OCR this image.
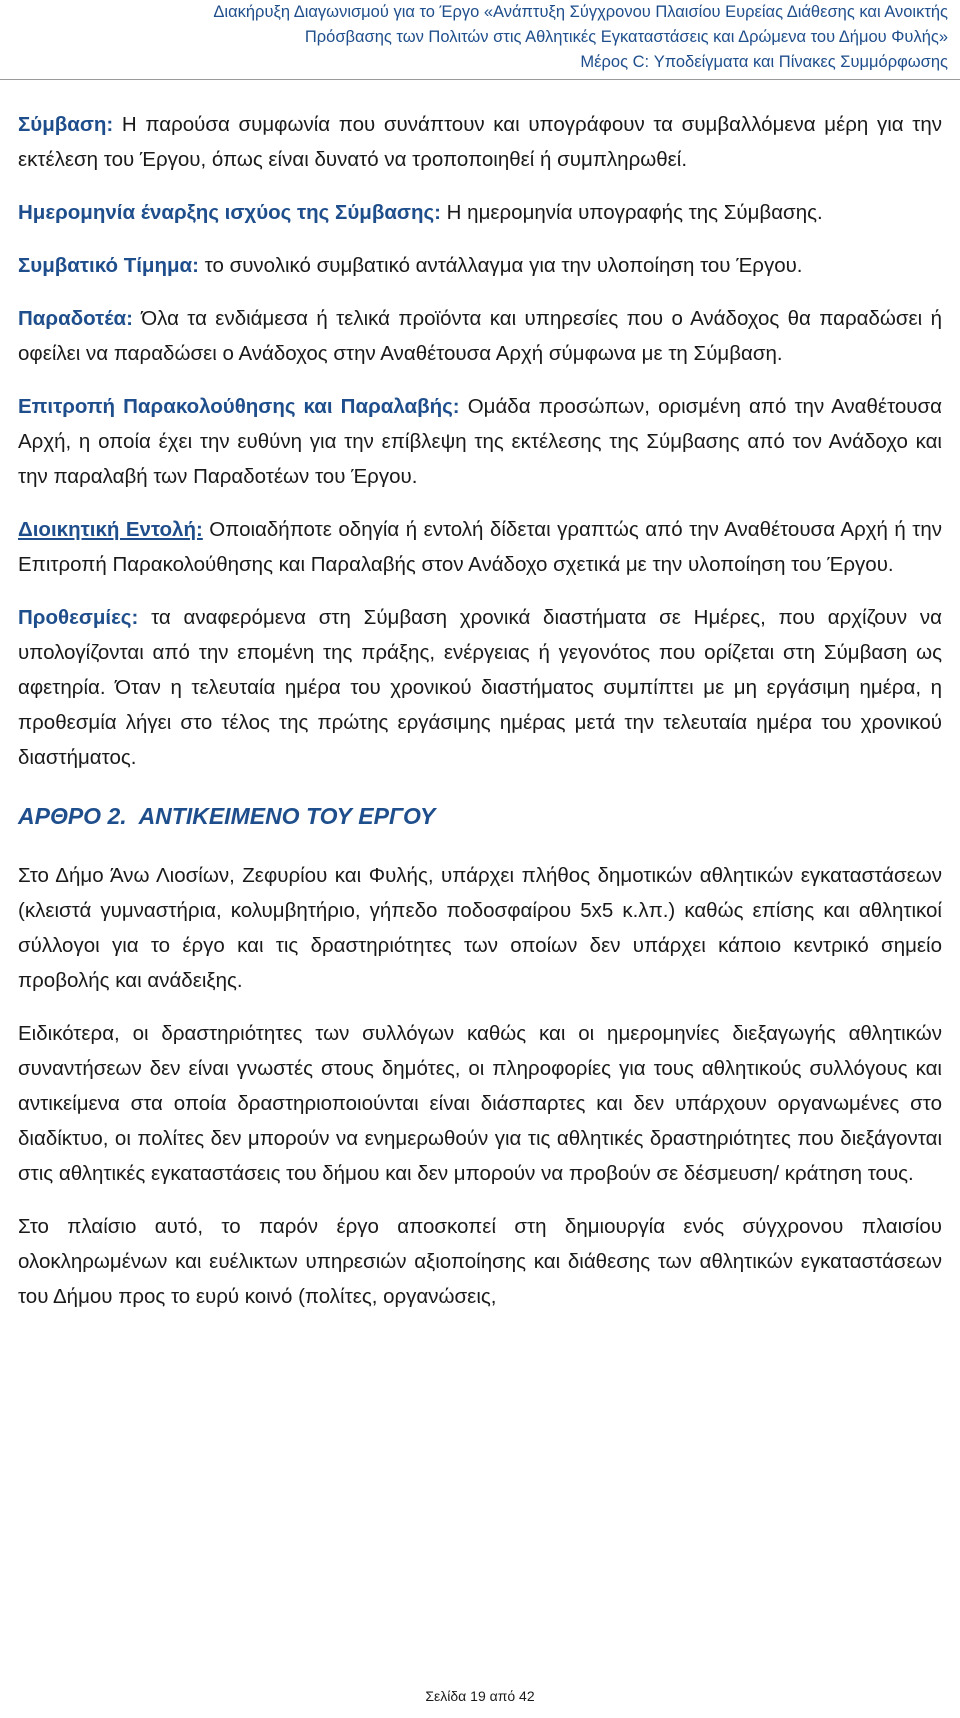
Διακήρυξη Διαγωνισμού για το Έργο «Ανάπτυξη Σύγχρονου Πλαισίου Ευρείας Διάθεσης και Ανοικτής
Πρόσβασης των Πολιτών στις Αθλητικές Εγκαταστάσεις και Δρώμενα του Δήμου Φυλής»
Μέρος C: Υποδείγματα και Πίνακες Συμμόρφωσης

Σύμβαση: Η παρούσα συμφωνία που συνάπτουν και υπογράφουν τα συμβαλλόμενα μέρη για την εκτέλεση του Έργου, όπως είναι δυνατό να τροποποιηθεί ή συμπληρωθεί.

Ημερομηνία έναρξης ισχύος της Σύμβασης: Η ημερομηνία υπογραφής της Σύμβασης.

Συμβατικό Τίμημα: το συνολικό συμβατικό αντάλλαγμα για την υλοποίηση του Έργου.

Παραδοτέα: Όλα τα ενδιάμεσα ή τελικά προϊόντα και υπηρεσίες που ο Ανάδοχος θα παραδώσει ή οφείλει να παραδώσει ο Ανάδοχος στην Αναθέτουσα Αρχή σύμφωνα με τη Σύμβαση.

Επιτροπή Παρακολούθησης και Παραλαβής: Ομάδα προσώπων, ορισμένη από την Αναθέτουσα Αρχή, η οποία έχει την ευθύνη για την επίβλεψη της εκτέλεσης της Σύμβασης από τον Ανάδοχο και την παραλαβή των Παραδοτέων του Έργου.

Διοικητική Εντολή: Οποιαδήποτε οδηγία ή εντολή δίδεται γραπτώς από την Αναθέτουσα Αρχή ή την Επιτροπή Παρακολούθησης και Παραλαβής στον Ανάδοχο σχετικά με την υλοποίηση του Έργου.

Προθεσμίες: τα αναφερόμενα στη Σύμβαση χρονικά διαστήματα σε Ημέρες, που αρχίζουν να υπολογίζονται από την επομένη της πράξης, ενέργειας ή γεγονότος που ορίζεται στη Σύμβαση ως αφετηρία. Όταν η τελευταία ημέρα του χρονικού διαστήματος συμπίπτει με μη εργάσιμη ημέρα, η προθεσμία λήγει στο τέλος της πρώτης εργάσιμης ημέρας μετά την τελευταία ημέρα του χρονικού διαστήματος.

ΑΡΘΡΟ 2.  ΑΝΤΙΚΕΙΜΕΝΟ ΤΟΥ ΕΡΓΟΥ

Στο Δήμο Άνω Λιοσίων, Ζεφυρίου και Φυλής, υπάρχει πλήθος δημοτικών αθλητικών εγκαταστάσεων (κλειστά γυμναστήρια, κολυμβητήριο, γήπεδο ποδοσφαίρου 5x5 κ.λπ.) καθώς επίσης και αθλητικοί σύλλογοι για το έργο και τις δραστηριότητες των οποίων δεν υπάρχει κάποιο κεντρικό σημείο προβολής και ανάδειξης.

Ειδικότερα, οι δραστηριότητες των συλλόγων καθώς και οι ημερομηνίες διεξαγωγής αθλητικών συναντήσεων δεν είναι γνωστές στους δημότες, οι πληροφορίες για τους αθλητικούς συλλόγους και αντικείμενα στα οποία δραστηριοποιούνται είναι διάσπαρτες και δεν υπάρχουν οργανωμένες στο διαδίκτυο, οι πολίτες δεν μπορούν να ενημερωθούν για τις αθλητικές δραστηριότητες που διεξάγονται στις αθλητικές εγκαταστάσεις του δήμου και δεν μπορούν να προβούν σε δέσμευση/ κράτηση τους.

Στο πλαίσιο αυτό, το παρόν έργο αποσκοπεί στη δημιουργία ενός σύγχρονου πλαισίου ολοκληρωμένων και ευέλικτων υπηρεσιών αξιοποίησης και διάθεσης των αθλητικών εγκαταστάσεων του Δήμου προς το ευρύ κοινό (πολίτες, οργανώσεις,

Σελίδα 19 από 42
